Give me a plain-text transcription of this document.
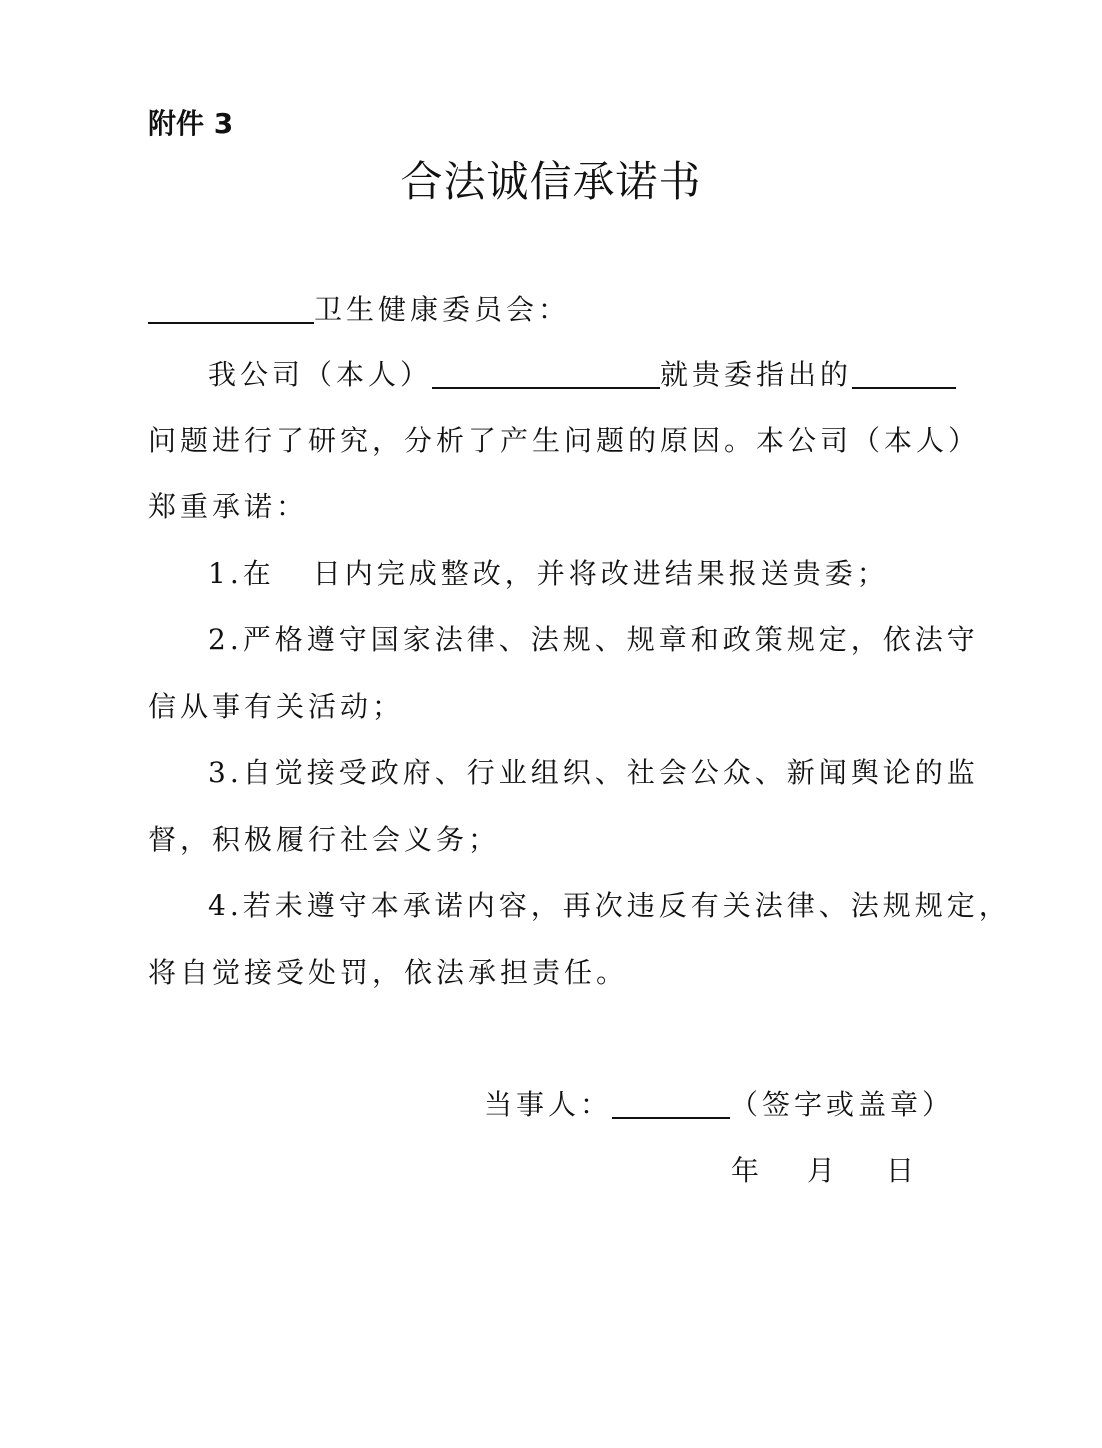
附件 3
合法诚信承诺书
卫生健康委员会：
我公司（本人）	就贵委指出的
问题进行了研究，分析了产生问题的原因。本公司（本人）
郑重承诺：
1.在 日内完成整改，并将改进结果报送贵委；
2.严格遵守国家法律、法规、规章和政策规定，依法守
信从事有关活动；
3.自觉接受政府、行业组织、社会公众、新闻舆论的监
督，积极履行社会义务；
4.若未遵守本承诺内容，再次违反有关法律、法规规定，
将自觉接受处罚，依法承担责任。
当事人：	（签字或盖章）
年 月 日
